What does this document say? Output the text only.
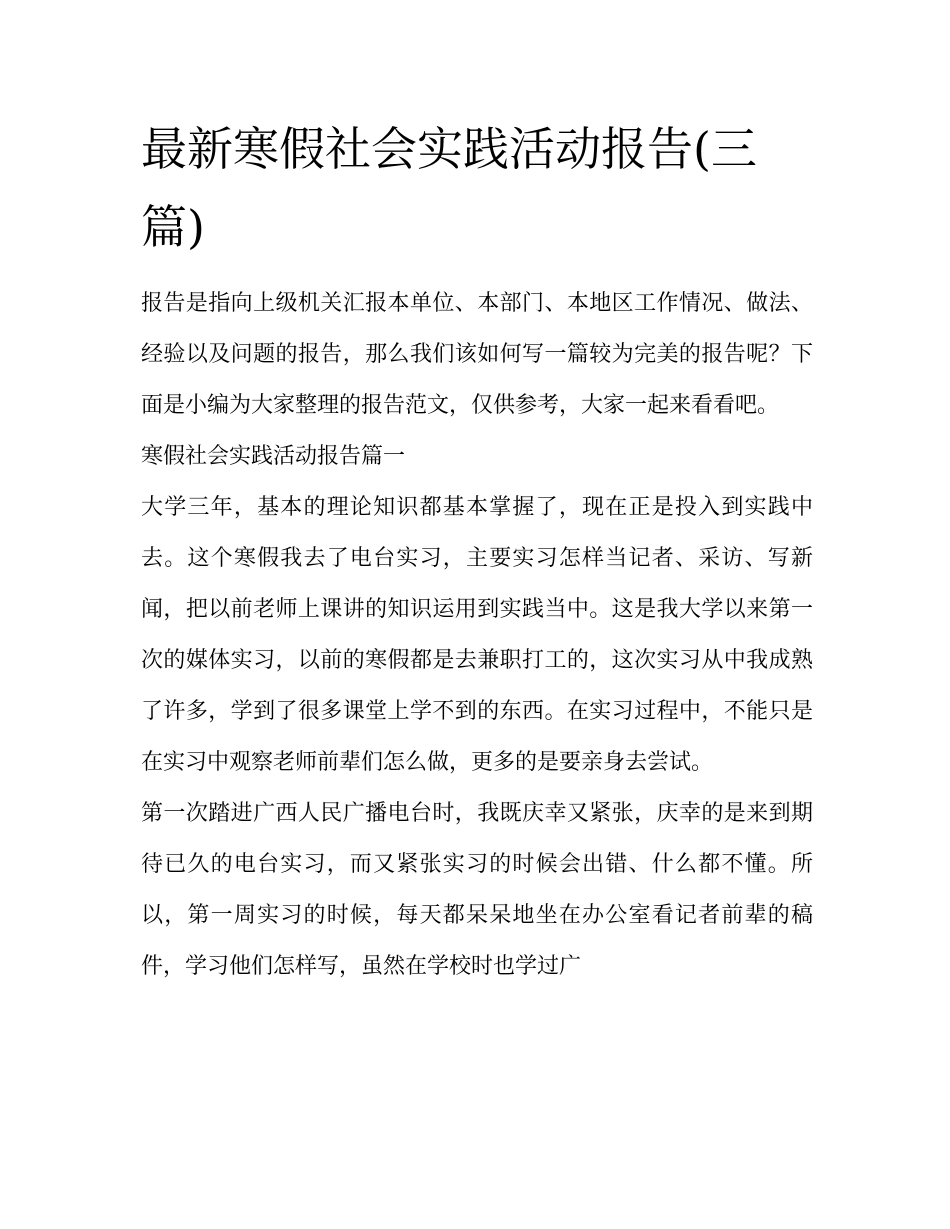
最新寒假社会实践活动报告(三篇)

报告是指向上级机关汇报本单位、本部门、本地区工作情况、做法、经验以及问题的报告，那么我们该如何写一篇较为完美的报告呢？下面是小编为大家整理的报告范文，仅供参考，大家一起来看看吧。

寒假社会实践活动报告篇一

大学三年，基本的理论知识都基本掌握了，现在正是投入到实践中去。这个寒假我去了电台实习，主要实习怎样当记者、采访、写新闻，把以前老师上课讲的知识运用到实践当中。这是我大学以来第一次的媒体实习，以前的寒假都是去兼职打工的，这次实习从中我成熟了许多，学到了很多课堂上学不到的东西。在实习过程中，不能只是在实习中观察老师前辈们怎么做，更多的是要亲身去尝试。

第一次踏进广西人民广播电台时，我既庆幸又紧张，庆幸的是来到期待已久的电台实习，而又紧张实习的时候会出错、什么都不懂。所以，第一周实习的时候，每天都呆呆地坐在办公室看记者前辈的稿件，学习他们怎样写，虽然在学校时也学过广
